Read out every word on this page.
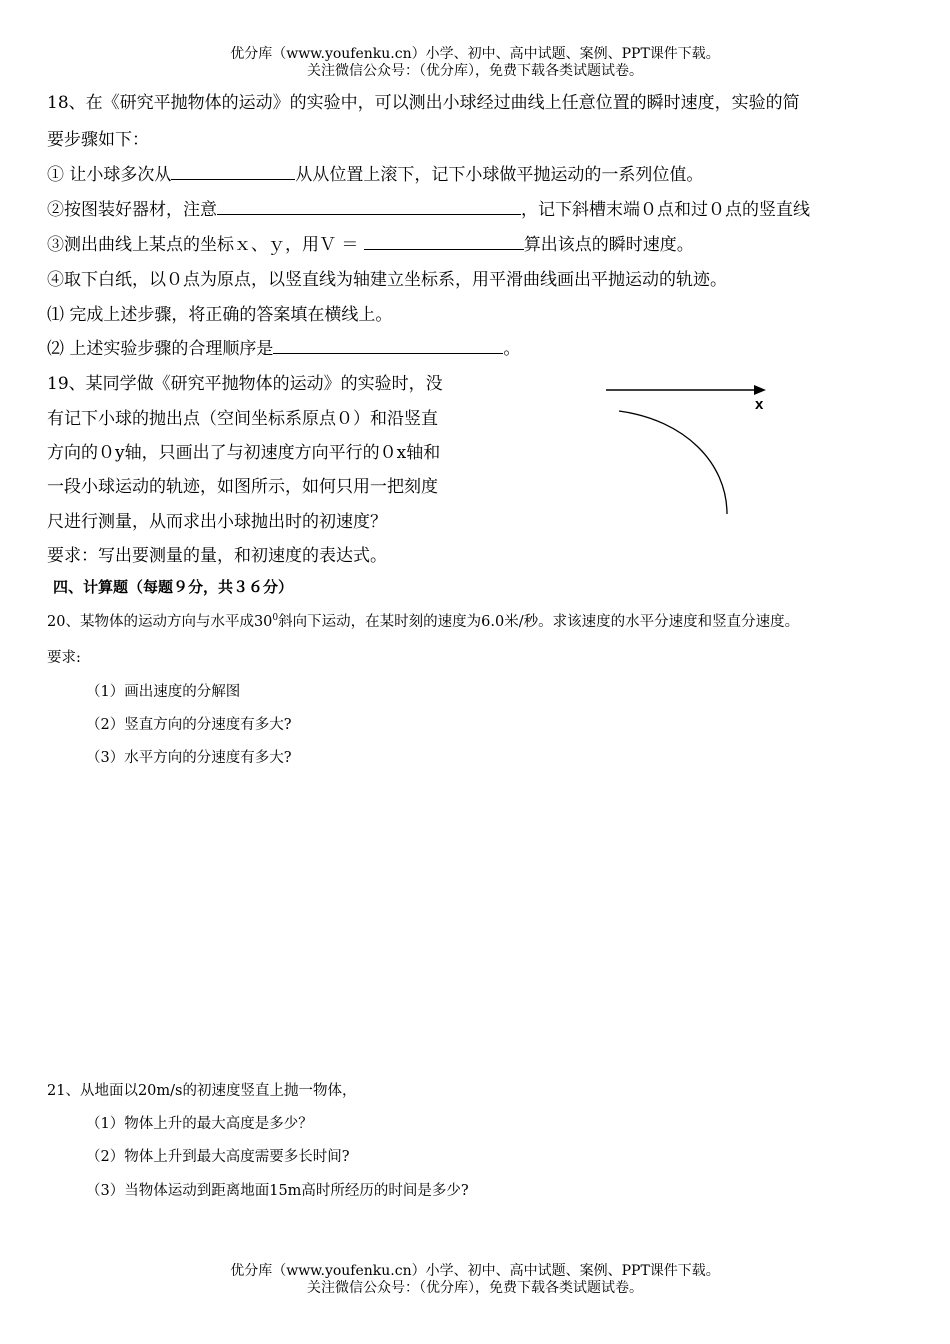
优分库（www.youfenku.cn）小学、初中、高中试题、案例、PPT课件下载。
关注微信公众号：（优分库），免费下载各类试题试卷。
18、在《研究平抛物体的运动》的实验中，可以测出小球经过曲线上任意位置的瞬时速度，实验的简
要步骤如下：
① 让小球多次从	从从位置上滚下，记下小球做平抛运动的一系列位值。
②按图装好器材，注意	，记下斜槽末端０点和过０点的竖直线
③测出曲线上某点的坐标ｘ、ｙ，用Ｖ ＝	算出该点的瞬时速度。
④取下白纸，以０点为原点，以竖直线为轴建立坐标系，用平滑曲线画出平抛运动的轨迹。
⑴ 完成上述步骤，将正确的答案填在横线上。
⑵ 上述实验步骤的合理顺序是	。
19、某同学做《研究平抛物体的运动》的实验时，没
有记下小球的抛出点（空间坐标系原点０）和沿竖直
方向的０y轴，只画出了与初速度方向平行的０x轴和
一段小球运动的轨迹，如图所示，如何只用一把刻度
尺进行测量，从而求出小球抛出时的初速度？
要求：写出要测量的量，和初速度的表达式。
x
四、计算题（每题９分，共３６分）
20、某物体的运动方向与水平成$30^0$斜向下运动，在某时刻的速度为6.0米/秒。求该速度的水平分速度和竖直分速度。
要求:
（1）画出速度的分解图
（2）竖直方向的分速度有多大?
（3）水平方向的分速度有多大?
21、从地面以20m/s的初速度竖直上抛一物体，
（1）物体上升的最大高度是多少？
（2）物体上升到最大高度需要多长时间?
（3）当物体运动到距离地面15m高时所经历的时间是多少?
优分库（www.youfenku.cn）小学、初中、高中试题、案例、PPT课件下载。
关注微信公众号：（优分库），免费下载各类试题试卷。
